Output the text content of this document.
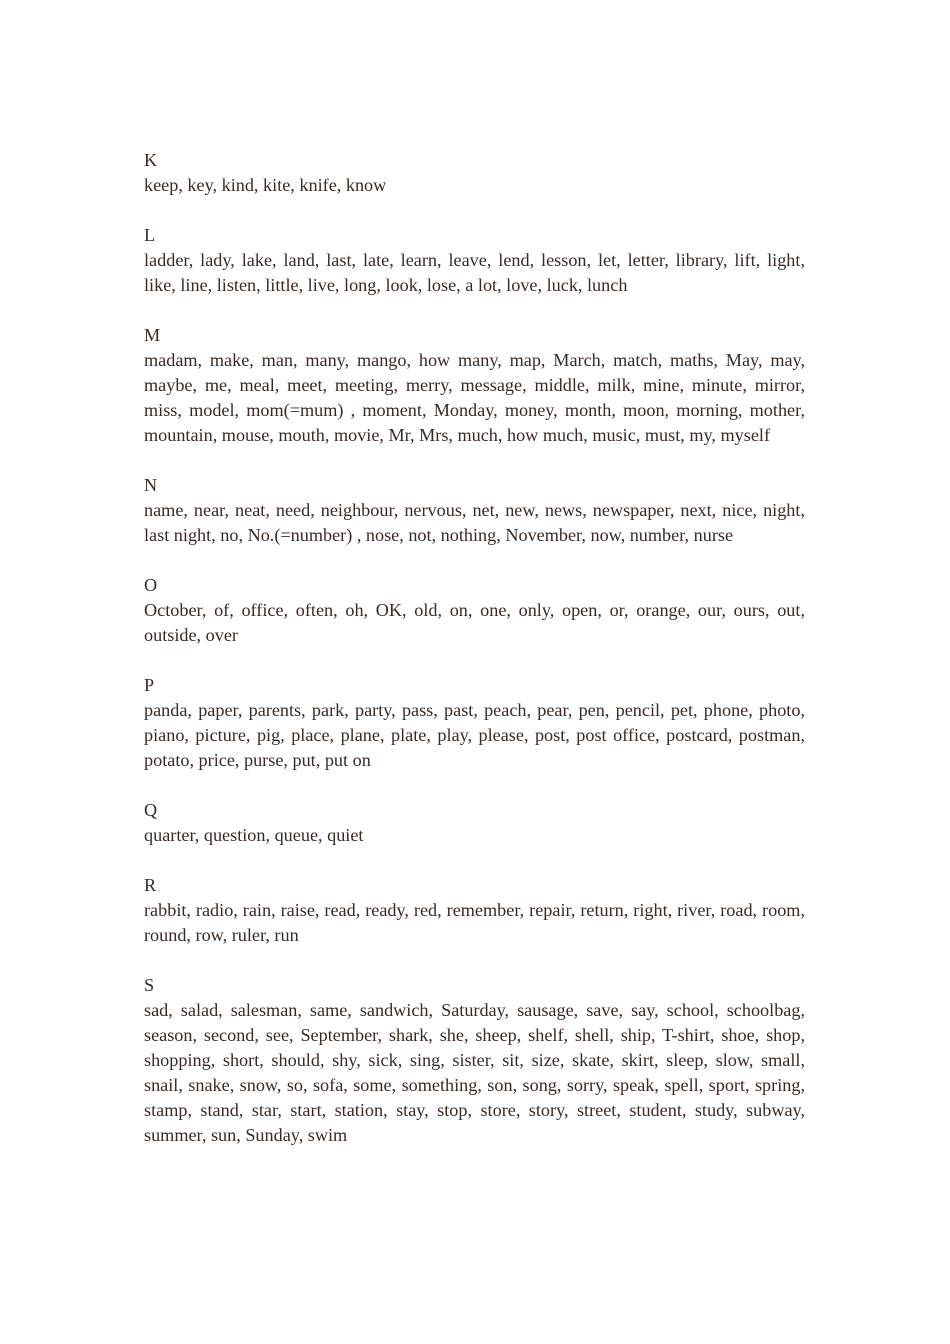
K

keep, key, kind, kite, knife, know

L

ladder, lady, lake, land, last, late, learn, leave, lend, lesson, let, letter, library, lift, light, like, line, listen, little, live, long, look, lose, a lot, love, luck, lunch

M

madam, make, man, many, mango, how many, map, March, match, maths, May, may, maybe, me, meal, meet, meeting, merry, message, middle, milk, mine, minute, mirror, miss, model, mom(=mum) , moment, Monday, money, month, moon, morning, mother, mountain, mouse, mouth, movie, Mr, Mrs, much, how much, music, must, my, myself

N

name, near, neat, need, neighbour, nervous, net, new, news, newspaper, next, nice, night, last night, no, No.(=number) , nose, not, nothing, November, now, number, nurse

O

October, of, office, often, oh, OK, old, on, one, only, open, or, orange, our, ours, out, outside, over

P

panda, paper, parents, park, party, pass, past, peach, pear, pen, pencil, pet, phone, photo, piano, picture, pig, place, plane, plate, play, please, post, post office, postcard, postman, potato, price, purse, put, put on

Q

quarter, question, queue, quiet

R

rabbit, radio, rain, raise, read, ready, red, remember, repair, return, right, river, road, room, round, row, ruler, run

S

sad, salad, salesman, same, sandwich, Saturday, sausage, save, say, school, schoolbag, season, second, see, September, shark, she, sheep, shelf, shell, ship, T-shirt, shoe, shop, shopping, short, should, shy, sick, sing, sister, sit, size, skate, skirt, sleep, slow, small, snail, snake, snow, so, sofa, some, something, son, song, sorry, speak, spell, sport, spring, stamp, stand, star, start, station, stay, stop, store, story, street, student, study, subway, summer, sun, Sunday, swim
